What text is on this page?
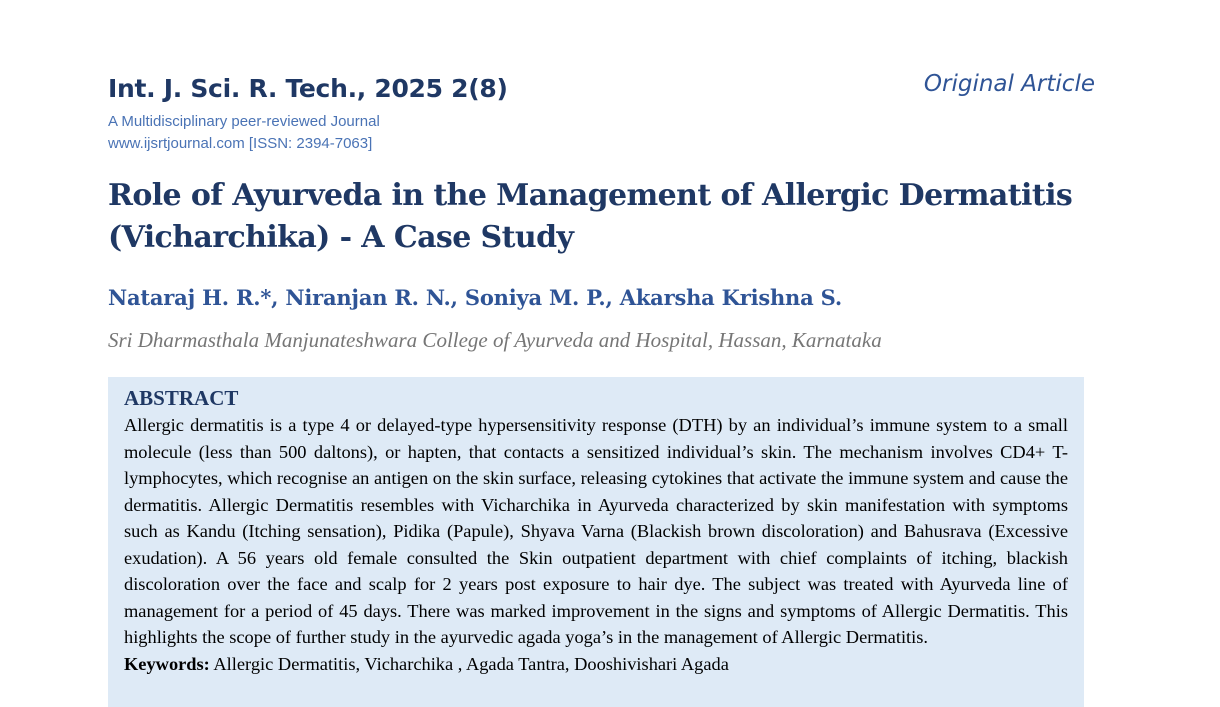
Int. J. Sci. R. Tech., 2025 2(8)
A Multidisciplinary peer-reviewed Journal
www.ijsrtjournal.com [ISSN: 2394-7063]
Original Article
Role of Ayurveda in the Management of Allergic Dermatitis (Vicharchika) - A Case Study
Nataraj H. R.*, Niranjan R. N., Soniya M. P., Akarsha Krishna S.
Sri Dharmasthala Manjunateshwara College of Ayurveda and Hospital, Hassan, Karnataka

ABSTRACT

Allergic dermatitis is a type 4 or delayed-type hypersensitivity response (DTH) by an individual’s immune system to a small molecule (less than 500 daltons), or hapten, that contacts a sensitized individual’s skin. The mechanism involves CD4+ T-lymphocytes, which recognise an antigen on the skin surface, releasing cytokines that activate the immune system and cause the dermatitis. Allergic Dermatitis resembles with Vicharchika in Ayurveda characterized by skin manifestation with symptoms such as Kandu (Itching sensation), Pidika (Papule), Shyava Varna (Blackish brown discoloration) and Bahusrava (Excessive exudation). A 56 years old female consulted the Skin outpatient department with chief complaints of itching, blackish discoloration over the face and scalp for 2 years post exposure to hair dye. The subject was treated with Ayurveda line of management for a period of 45 days. There was marked improvement in the signs and symptoms of Allergic Dermatitis. This highlights the scope of further study in the ayurvedic agada yoga’s in the management of Allergic Dermatitis.

Keywords: Allergic Dermatitis, Vicharchika , Agada Tantra, Dooshivishari Agada
